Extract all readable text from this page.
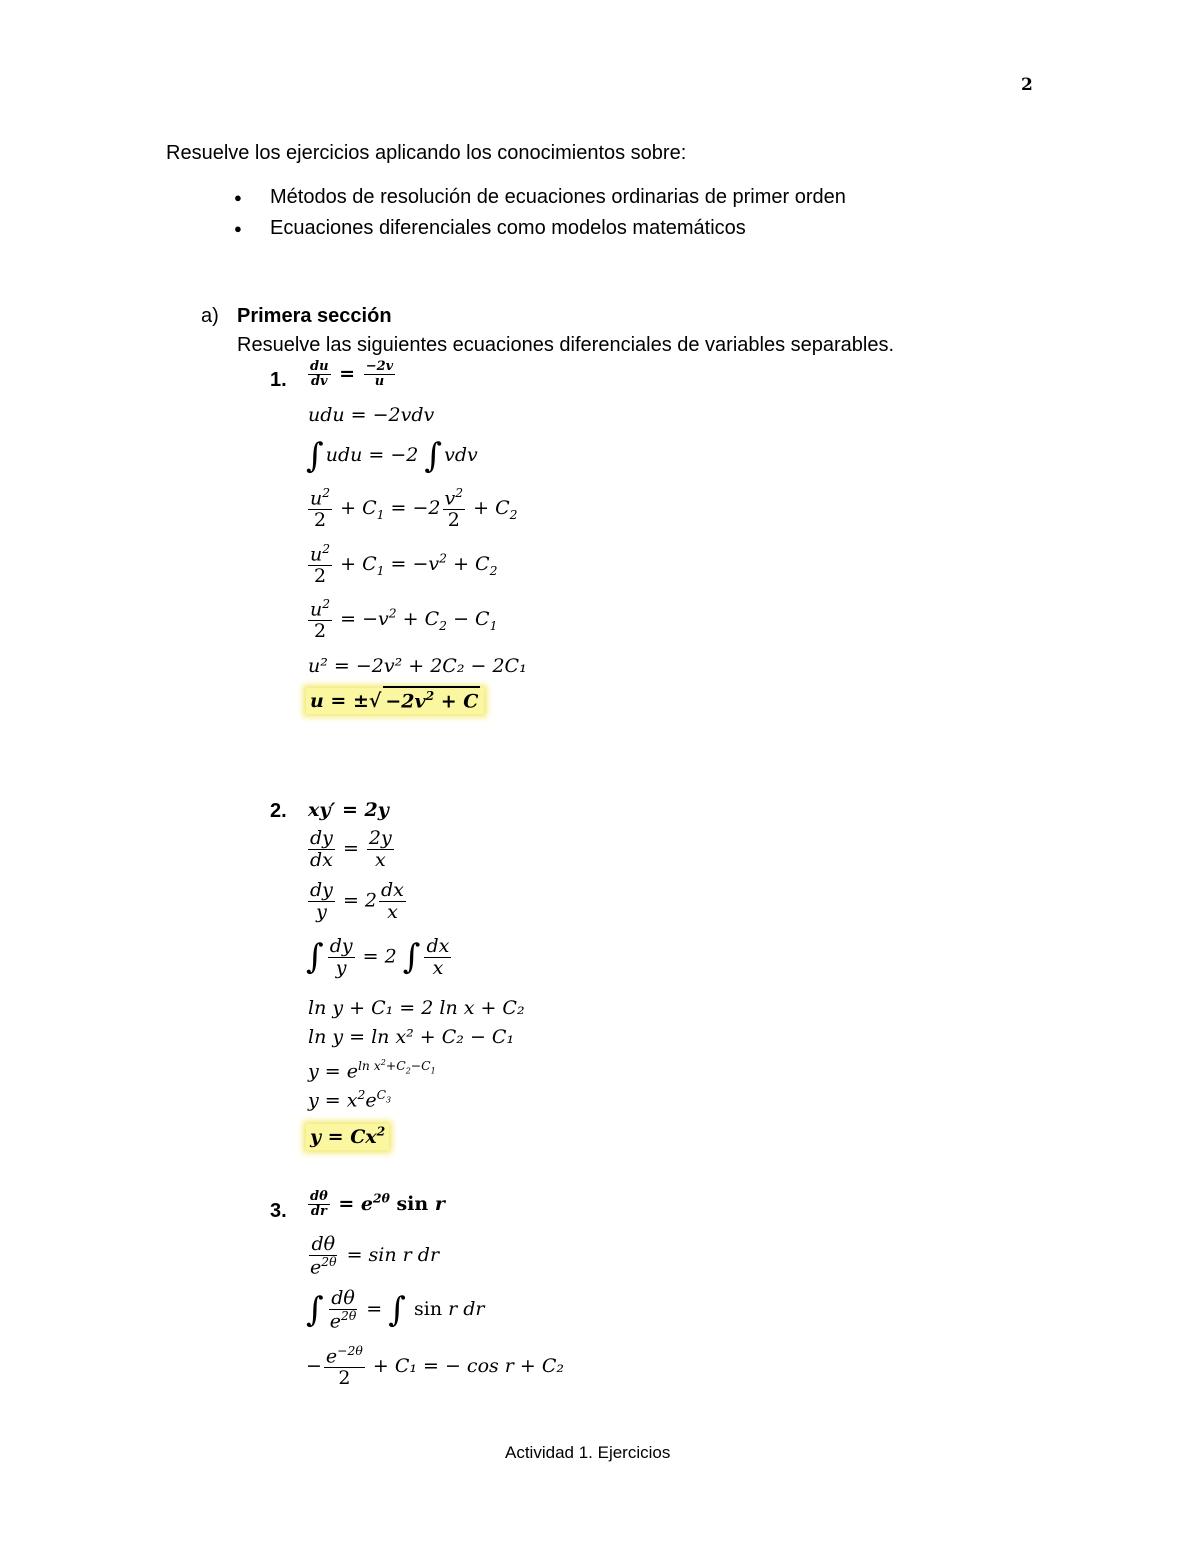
2
Resuelve los ejercicios aplicando los conocimientos sobre:
● Métodos de resolución de ecuaciones ordinarias de primer orden
● Ecuaciones diferenciales como modelos matemáticos
a) Primera sección
Resuelve las siguientes ecuaciones diferenciales de variables separables.
1. $\frac{du}{dv} = \frac{-2v}{u}$
udu = −2vdv
∫ udu = −2 ∫ vdv
$\frac{u^2}{2} + C_1 = -2 \frac{v^2}{2} + C_2$
$\frac{u^2}{2} + C_1 = -v^2 + C_2$
$\frac{u^2}{2} = -v^2 + C_2 - C_1$
u² = −2v² + 2C₂ − 2C₁
u = ±√ $-2v^2 + C$
2. xy′ = 2y
$\frac{dy}{dx} = \frac{2y}{x}$
$\frac{dy}{y} = 2 \frac{dx}{x}$
∫ $\frac{dy}{y} = 2$ ∫ $\frac{dx}{x}$
ln y + C₁ = 2 ln x + C₂
ln y = ln x² + C₂ − C₁
$y = e^{ln x^2+C_2-C_1}$
$y = x^2e^{C_3}$
$y = Cx^2$
3. $\frac{d\theta}{dr} = e^{2\theta}$ sin r
$\frac{d\theta}{e^{2\theta}} = \sin r$ dr
∫ $\frac{d\theta}{e^{2\theta}}$ = ∫ sin r dr
− $\frac{e^{-2\theta}}{2} + C_1$ = − cos r + C₂
Actividad 1. Ejercicios
